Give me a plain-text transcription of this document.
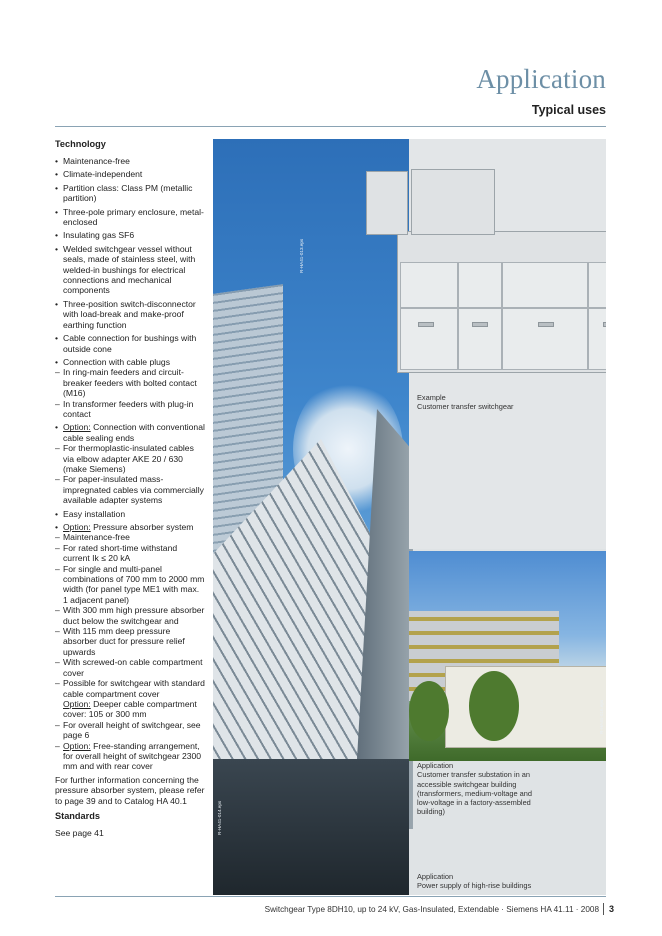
Application
Typical uses
Technology
• Maintenance-free
• Climate-independent
• Partition class: Class PM (metallic partition)
• Three-pole primary enclosure, metal-enclosed
• Insulating gas SF6
• Welded switchgear vessel without seals, made of stainless steel, with welded-in bushings for electrical connections and mechanical components
• Three-position switch-disconnector with load-break and make-proof earthing function
• Cable connection for bushings with outside cone
• Connection with cable plugs
– In ring-main feeders and circuit-breaker feeders with bolted contact (M16)
– In transformer feeders with plug-in contact
• Option: Connection with conventional cable sealing ends
– For thermoplastic-insulated cables via elbow adapter AKE 20 / 630 (make Siemens)
– For paper-insulated mass-impregnated cables via commercially available adapter systems
• Easy installation
• Option: Pressure absorber system
– Maintenance-free
– For rated short-time withstand current Ik ≤ 20 kA
– For single and multi-panel combinations of 700 mm to 2000 mm width (for panel type ME1 with max. 1 adjacent panel)
– With 300 mm high pressure absorber duct below the switchgear and
– With 115 mm deep pressure absorber duct for pressure relief upwards
– With screwed-on cable compartment cover
– Possible for switchgear with standard cable compartment cover
Option: Deeper cable compartment cover: 105 or 300 mm
– For overall height of switchgear, see page 6
– Option: Free-standing arrangement, for overall height of switchgear 2300 mm and with rear cover
For further information concerning the pressure absorber system, please refer to page 39 and to Catalog HA 40.1
Standards
See page 41
Example
Customer transfer switchgear
Application
Customer transfer substation in an accessible switchgear building (transformers, medium-voltage and low-voltage in a factory-assembled building)
Application
Power supply of high-rise buildings
R-HA41-013.eps
R-HA41-016.eps
R-HA41-014.eps
Switchgear Type 8DH10, up to 24 kV, Gas-Insulated, Extendable · Siemens HA 41.11 · 2008	3
